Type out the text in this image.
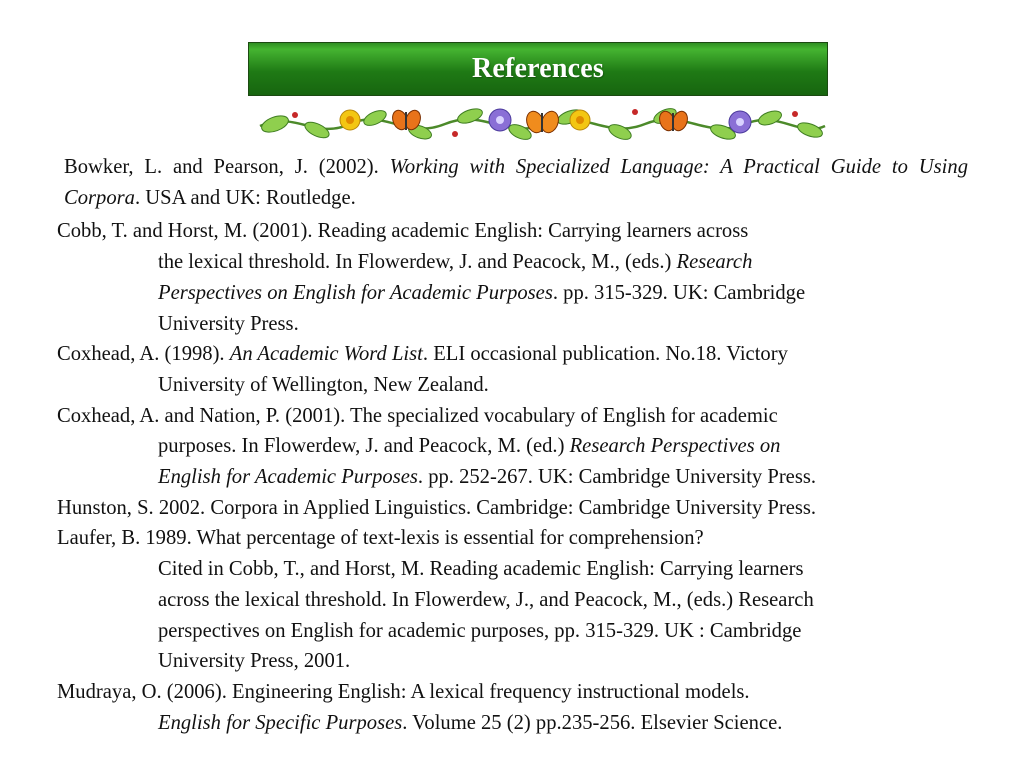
References
Bowker, L. and Pearson, J. (2002). Working with Specialized Language: A Practical Guide to Using Corpora. USA and UK: Routledge.
Cobb, T. and Horst, M. (2001). Reading academic English: Carrying learners across
the lexical threshold. In Flowerdew, J. and Peacock, M., (eds.) Research
Perspectives on English for Academic Purposes. pp. 315-329. UK: Cambridge
University Press.
Coxhead, A. (1998). An Academic Word List. ELI occasional publication. No.18. Victory
University of Wellington, New Zealand.
Coxhead, A. and Nation, P. (2001). The specialized vocabulary of English for academic
purposes. In Flowerdew, J. and Peacock, M. (ed.) Research Perspectives on
English for Academic Purposes. pp. 252-267. UK: Cambridge University Press.
Hunston, S. 2002. Corpora in Applied Linguistics. Cambridge: Cambridge University Press.
Laufer, B. 1989. What percentage of text-lexis is essential for comprehension?
Cited in Cobb, T., and Horst, M. Reading academic English: Carrying learners
across the lexical threshold. In Flowerdew, J., and Peacock, M., (eds.) Research
perspectives on English for academic purposes, pp. 315-329. UK : Cambridge
University Press, 2001.
Mudraya, O. (2006). Engineering English: A lexical frequency instructional models.
English for Specific Purposes. Volume 25 (2) pp.235-256. Elsevier Science.
